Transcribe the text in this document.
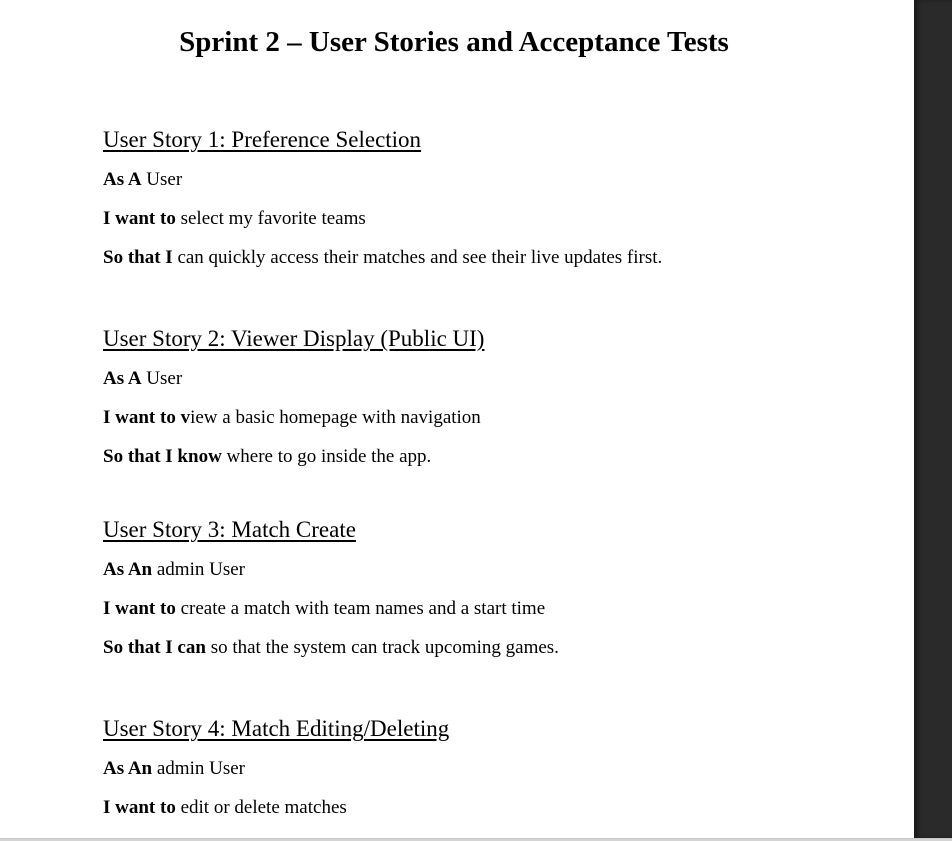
Sprint 2 – User Stories and Acceptance Tests
User Story 1: Preference Selection

As A User

I want to select my favorite teams

So that I can quickly access their matches and see their live updates first.

User Story 2: Viewer Display (Public UI)

As A User

I want to view a basic homepage with navigation

So that I know where to go inside the app.

User Story 3: Match Create

As An admin User

I want to create a match with team names and a start time

So that I can so that the system can track upcoming games.

User Story 4: Match Editing/Deleting

As An admin User

I want to edit or delete matches
